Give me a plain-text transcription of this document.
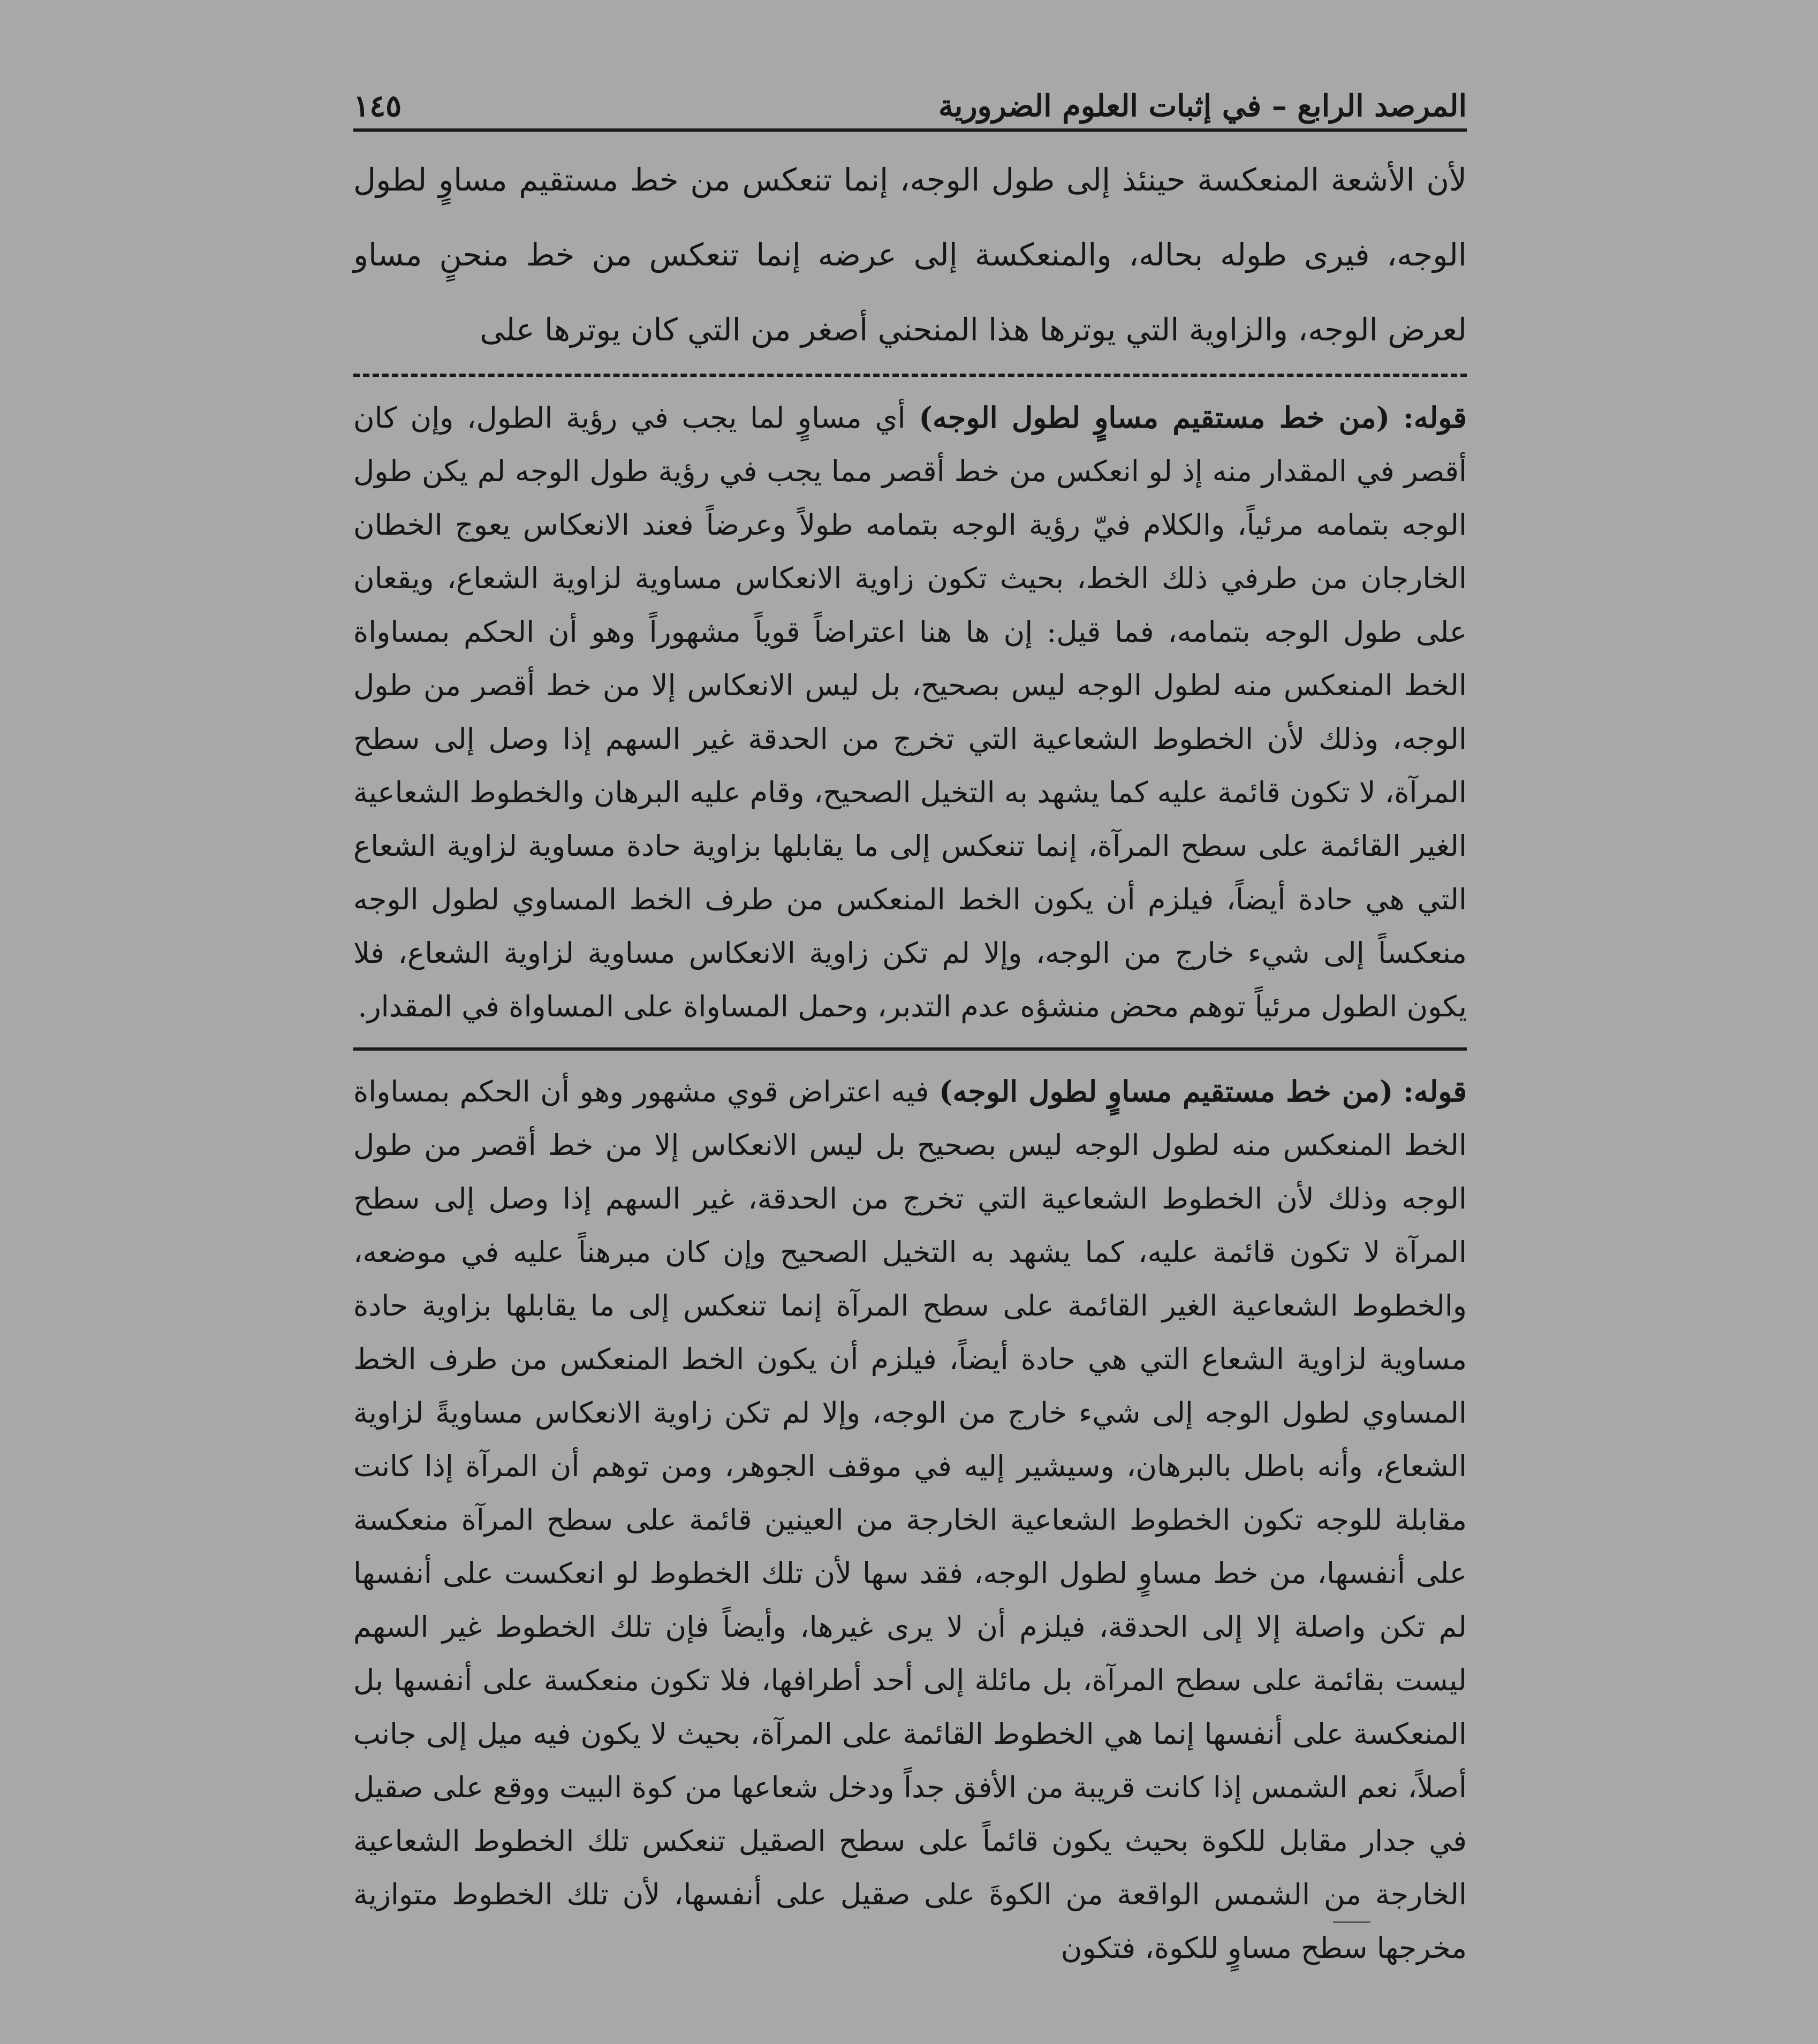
المرصد الرابع – في إثبات العلوم الضرورية
١٤٥

لأن الأشعة المنعكسة حينئذ إلى طول الوجه، إنما تنعكس من خط مستقيم مساوٍ لطول الوجه، فيرى طوله بحاله، والمنعكسة إلى عرضه إنما تنعكس من خط منحنٍ مساو لعرض الوجه، والزاوية التي يوترها هذا المنحني أصغر من التي كان يوترها على

قوله: (من خط مستقيم مساوٍ لطول الوجه) أي مساوٍ لما يجب في رؤية الطول، وإن كان أقصر في المقدار منه إذ لو انعكس من خط أقصر مما يجب في رؤية طول الوجه لم يكن طول الوجه بتمامه مرئياً، والكلام فيّ رؤية الوجه بتمامه طولاً وعرضاً فعند الانعكاس يعوج الخطان الخارجان من طرفي ذلك الخط، بحيث تكون زاوية الانعكاس مساوية لزاوية الشعاع، ويقعان على طول الوجه بتمامه، فما قيل: إن ها هنا اعتراضاً قوياً مشهوراً وهو أن الحكم بمساواة الخط المنعكس منه لطول الوجه ليس بصحيح، بل ليس الانعكاس إلا من خط أقصر من طول الوجه، وذلك لأن الخطوط الشعاعية التي تخرج من الحدقة غير السهم إذا وصل إلى سطح المرآة، لا تكون قائمة عليه كما يشهد به التخيل الصحيح، وقام عليه البرهان والخطوط الشعاعية الغير القائمة على سطح المرآة، إنما تنعكس إلى ما يقابلها بزاوية حادة مساوية لزاوية الشعاع التي هي حادة أيضاً، فيلزم أن يكون الخط المنعكس من طرف الخط المساوي لطول الوجه منعكساً إلى شيء خارج من الوجه، وإلا لم تكن زاوية الانعكاس مساوية لزاوية الشعاع، فلا يكون الطول مرئياً توهم محض منشؤه عدم التدبر، وحمل المساواة على المساواة في المقدار.

قوله: (من خط مستقيم مساوٍ لطول الوجه) فيه اعتراض قوي مشهور وهو أن الحكم بمساواة الخط المنعكس منه لطول الوجه ليس بصحيح بل ليس الانعكاس إلا من خط أقصر من طول الوجه وذلك لأن الخطوط الشعاعية التي تخرج من الحدقة، غير السهم إذا وصل إلى سطح المرآة لا تكون قائمة عليه، كما يشهد به التخيل الصحيح وإن كان مبرهناً عليه في موضعه، والخطوط الشعاعية الغير القائمة على سطح المرآة إنما تنعكس إلى ما يقابلها بزاوية حادة مساوية لزاوية الشعاع التي هي حادة أيضاً، فيلزم أن يكون الخط المنعكس من طرف الخط المساوي لطول الوجه إلى شيء خارج من الوجه، وإلا لم تكن زاوية الانعكاس مساويةً لزاوية الشعاع، وأنه باطل بالبرهان، وسيشير إليه في موقف الجوهر، ومن توهم أن المرآة إذا كانت مقابلة للوجه تكون الخطوط الشعاعية الخارجة من العينين قائمة على سطح المرآة منعكسة على أنفسها، من خط مساوٍ لطول الوجه، فقد سها لأن تلك الخطوط لو انعكست على أنفسها لم تكن واصلة إلا إلى الحدقة، فيلزم أن لا يرى غيرها، وأيضاً فإن تلك الخطوط غير السهم ليست بقائمة على سطح المرآة، بل مائلة إلى أحد أطرافها، فلا تكون منعكسة على أنفسها بل المنعكسة على أنفسها إنما هي الخطوط القائمة على المرآة، بحيث لا يكون فيه ميل إلى جانب أصلاً، نعم الشمس إذا كانت قريبة من الأفق جداً ودخل شعاعها من كوة البيت ووقع على صقيل في جدار مقابل للكوة بحيث يكون قائماً على سطح الصقيل تنعكس تلك الخطوط الشعاعية الخارجة من الشمس الواقعة من الكوةَ على صقيل على أنفسها، لأن تلك الخطوط متوازية مخرجها سطح مساوٍ للكوة، فتكون
